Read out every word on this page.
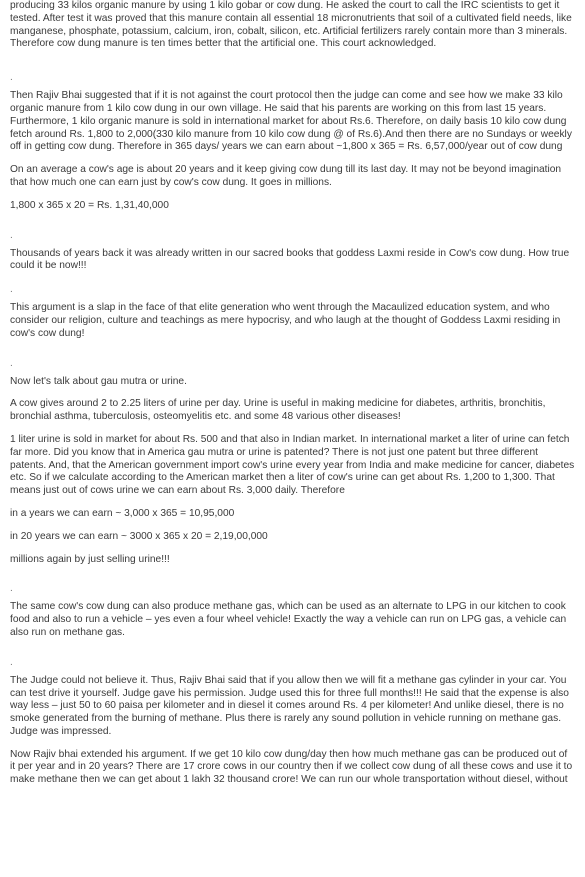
producing 33 kilos organic manure by using 1 kilo gobar or cow dung. He asked the court to call the IRC scientists to get it tested. After test it was proved that this manure contain all essential 18 micronutrients that soil of a cultivated field needs, like manganese, phosphate, potassium, calcium, iron, cobalt, silicon, etc. Artificial fertilizers rarely contain more than 3 minerals. Therefore cow dung manure is ten times better that the artificial one. This court acknowledged.

.

Then Rajiv Bhai suggested that if it is not against the court protocol then the judge can come and see how we make 33 kilo organic manure from 1 kilo cow dung in our own village. He said that his parents are working on this from last 15 years. Furthermore, 1 kilo organic manure is sold in international market for about Rs.6. Therefore, on daily basis 10 kilo cow dung fetch around Rs. 1,800 to 2,000(330 kilo manure from 10 kilo cow dung @ of Rs.6).And then there are no Sundays or weekly off in getting cow dung. Therefore in 365 days/ years we can earn about ~1,800 x 365 = Rs. 6,57,000/year out of cow dung

On an average a cow's age is about 20 years and it keep giving cow dung till its last day. It may not be beyond imagination that how much one can earn just by cow's cow dung. It goes in millions.

1,800 x 365 x 20 = Rs. 1,31,40,000

.

Thousands of years back it was already written in our sacred books that goddess Laxmi reside in Cow's cow dung. How true could it be now!!!

.

This argument is a slap in the face of that elite generation who went through the Macaulized education system, and who consider our religion, culture and teachings as mere hypocrisy, and who laugh at the thought of Goddess Laxmi residing in cow's cow dung!

.

Now let's talk about gau mutra or urine.

A cow gives around 2 to 2.25 liters of urine per day. Urine is useful in making medicine for diabetes, arthritis, bronchitis, bronchial asthma, tuberculosis, osteomyelitis etc. and some 48 various other diseases!

1 liter urine is sold in market for about Rs. 500 and that also in Indian market. In international market a liter of urine can fetch far more. Did you know that in America gau mutra or urine is patented? There is not just one patent but three different patents. And, that the American government import cow's urine every year from India and make medicine for cancer, diabetes etc. So if we calculate according to the American market then a liter of cow's urine can get about Rs. 1,200 to 1,300. That means just out of cows urine we can earn about Rs. 3,000 daily. Therefore

in a years we can earn ~ 3,000 x 365 = 10,95,000

in 20 years we can earn ~ 3000 x 365 x 20 = 2,19,00,000

millions again by just selling urine!!!

.

The same cow's cow dung can also produce methane gas, which can be used as an alternate to LPG in our kitchen to cook food and also to run a vehicle – yes even a four wheel vehicle! Exactly the way a vehicle can run on LPG gas, a vehicle can also run on methane gas.

.

The Judge could not believe it. Thus, Rajiv Bhai said that if you allow then we will fit a methane gas cylinder in your car. You can test drive it yourself. Judge gave his permission. Judge used this for three full months!!! He said that the expense is also way less – just 50 to 60 paisa per kilometer and in diesel it comes around Rs. 4 per kilometer! And unlike diesel, there is no smoke generated from the burning of methane. Plus there is rarely any sound pollution in vehicle running on methane gas. Judge was impressed.

Now Rajiv bhai extended his argument. If we get 10 kilo cow dung/day then how much methane gas can be produced out of it per year and in 20 years? There are 17 crore cows in our country then if we collect cow dung of all these cows and use it to make methane then we can get about 1 lakh 32 thousand crore! We can run our whole transportation without diesel, without
